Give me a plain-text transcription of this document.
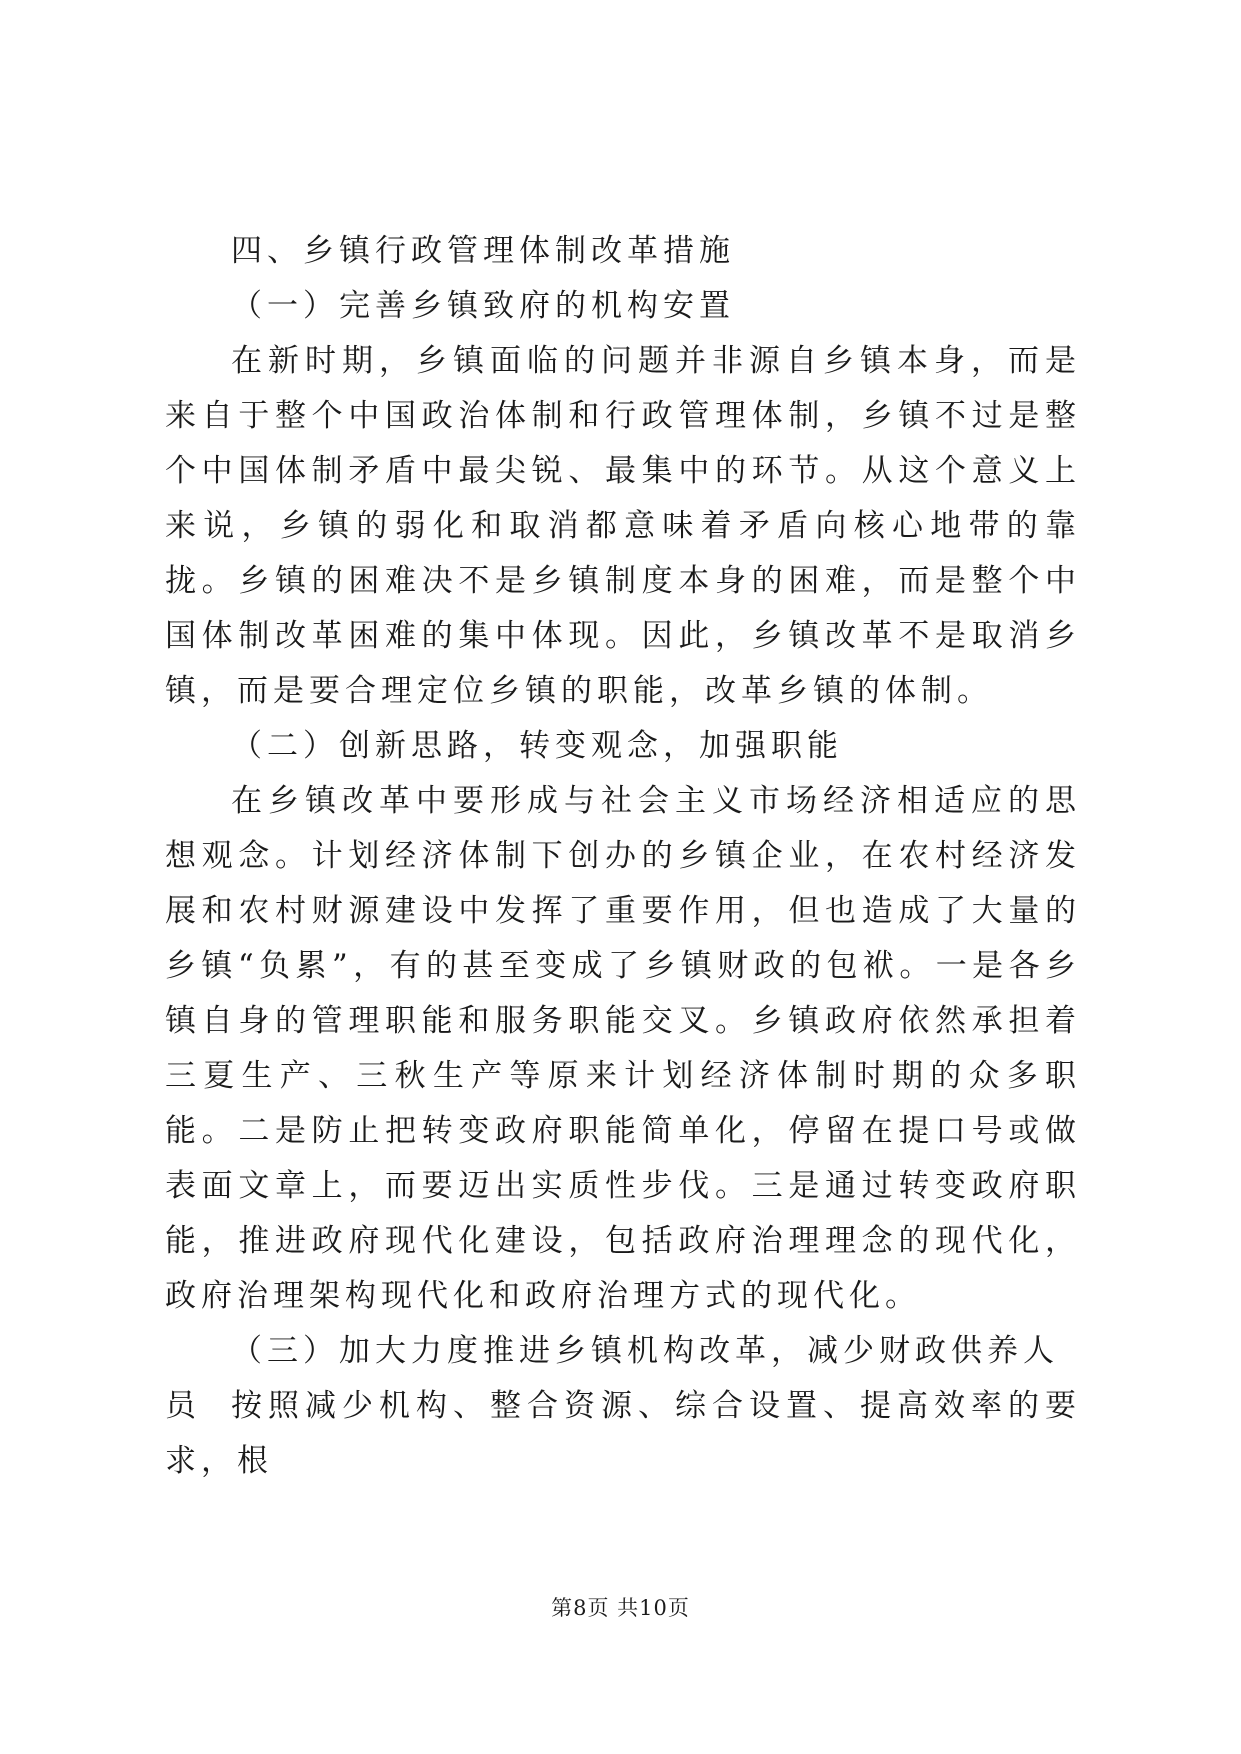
四、乡镇行政管理体制改革措施

（一）完善乡镇致府的机构安置

在新时期，乡镇面临的问题并非源自乡镇本身，而是来自于整个中国政治体制和行政管理体制，乡镇不过是整个中国体制矛盾中最尖锐、最集中的环节。从这个意义上来说，乡镇的弱化和取消都意味着矛盾向核心地带的靠拢。乡镇的困难决不是乡镇制度本身的困难，而是整个中国体制改革困难的集中体现。因此，乡镇改革不是取消乡镇，而是要合理定位乡镇的职能，改革乡镇的体制。

（二）创新思路，转变观念，加强职能

在乡镇改革中要形成与社会主义市场经济相适应的思想观念。计划经济体制下创办的乡镇企业，在农村经济发展和农村财源建设中发挥了重要作用，但也造成了大量的乡镇“负累”，有的甚至变成了乡镇财政的包袱。一是各乡镇自身的管理职能和服务职能交叉。乡镇政府依然承担着三夏生产、三秋生产等原来计划经济体制时期的众多职能。二是防止把转变政府职能简单化，停留在提口号或做表面文章上，而要迈出实质性步伐。三是通过转变政府职能，推进政府现代化建设，包括政府治理理念的现代化，政府治理架构现代化和政府治理方式的现代化。

（三）加大力度推进乡镇机构改革，减少财政供养人员 按照减少机构、整合资源、综合设置、提高效率的要求，根

第8页 共10页
